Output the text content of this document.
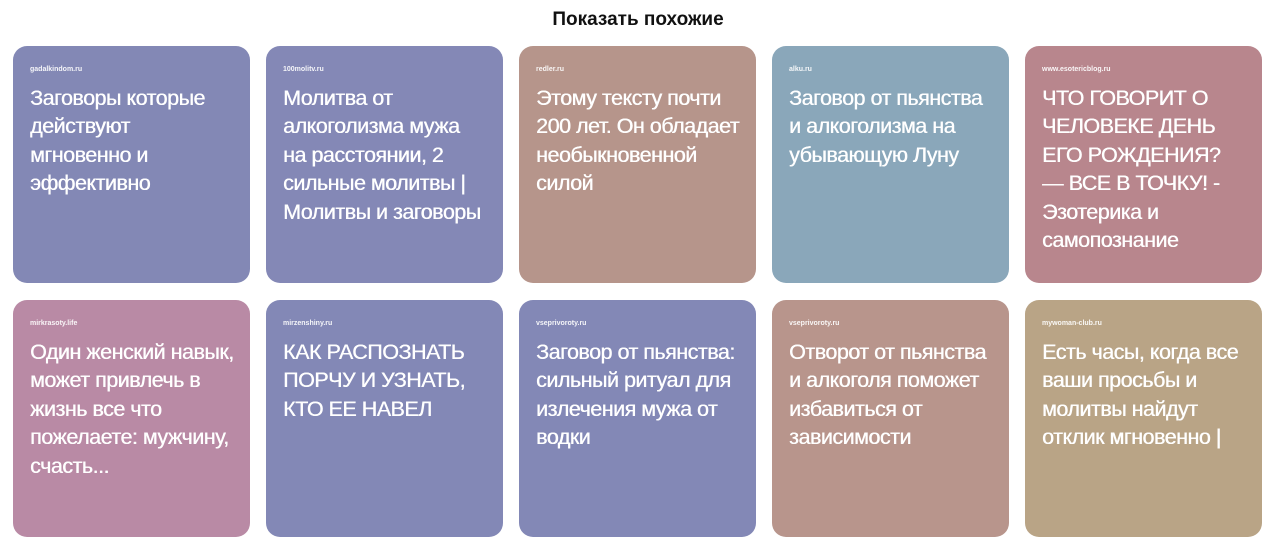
Показать похожие
gadalkindom.ru
Заговоры которые действуют мгновенно и эффективно
100molitv.ru
Молитва от алкоголизма мужа на расстоянии, 2 сильные молитвы | Молитвы и заговоры
redler.ru
Этому тексту почти 200 лет. Он обладает необыкновенной силой
alku.ru
Заговор от пьянства и алкоголизма на убывающую Луну
www.esotericblog.ru
ЧТО ГОВОРИТ О ЧЕЛОВЕКЕ ДЕНЬ ЕГО РОЖДЕНИЯ? — ВСЕ В ТОЧКУ! - Эзотерика и самопознание
mirkrasoty.life
Один женский навык, может привлечь в жизнь все что пожелаете: мужчину, счасть...
mirzenshiny.ru
КАК РАСПОЗНАТЬ ПОРЧУ И УЗНАТЬ, КТО ЕЕ НАВЕЛ
vseprivoroty.ru
Заговор от пьянства: сильный ритуал для излечения мужа от водки
vseprivoroty.ru
Отворот от пьянства и алкоголя поможет избавиться от зависимости
mywoman-club.ru
Есть часы, когда все ваши просьбы и молитвы найдут отклик мгновенно |
